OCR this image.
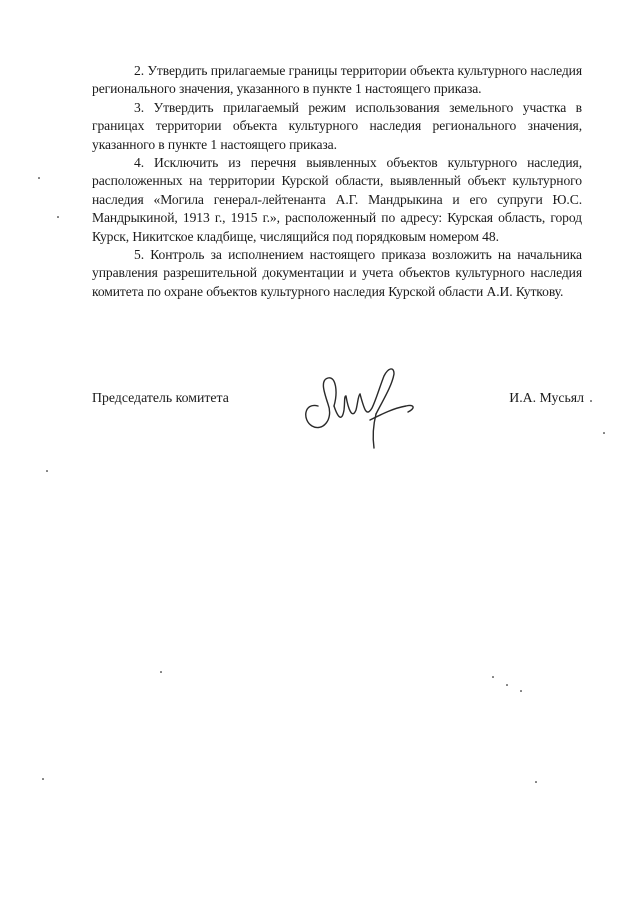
2. Утвердить прилагаемые границы территории объекта культурного наследия регионального значения, указанного в пункте 1 настоящего приказа.

3. Утвердить прилагаемый режим использования земельного участка в границах территории объекта культурного наследия регионального значения, указанного в пункте 1 настоящего приказа.

4. Исключить из перечня выявленных объектов культурного наследия, расположенных на территории Курской области, выявленный объект культурного наследия «Могила генерал-лейтенанта А.Г. Мандрыкина и его супруги Ю.С. Мандрыкиной, 1913 г., 1915 г.», расположенный по адресу: Курская область, город Курск, Никитское кладбище, числящийся под порядковым номером 48.

5. Контроль за исполнением настоящего приказа возложить на начальника управления разрешительной документации и учета объектов культурного наследия комитета по охране объектов культурного наследия Курской области А.И. Куткову.

Председатель комитета	И.А. Мусьял
